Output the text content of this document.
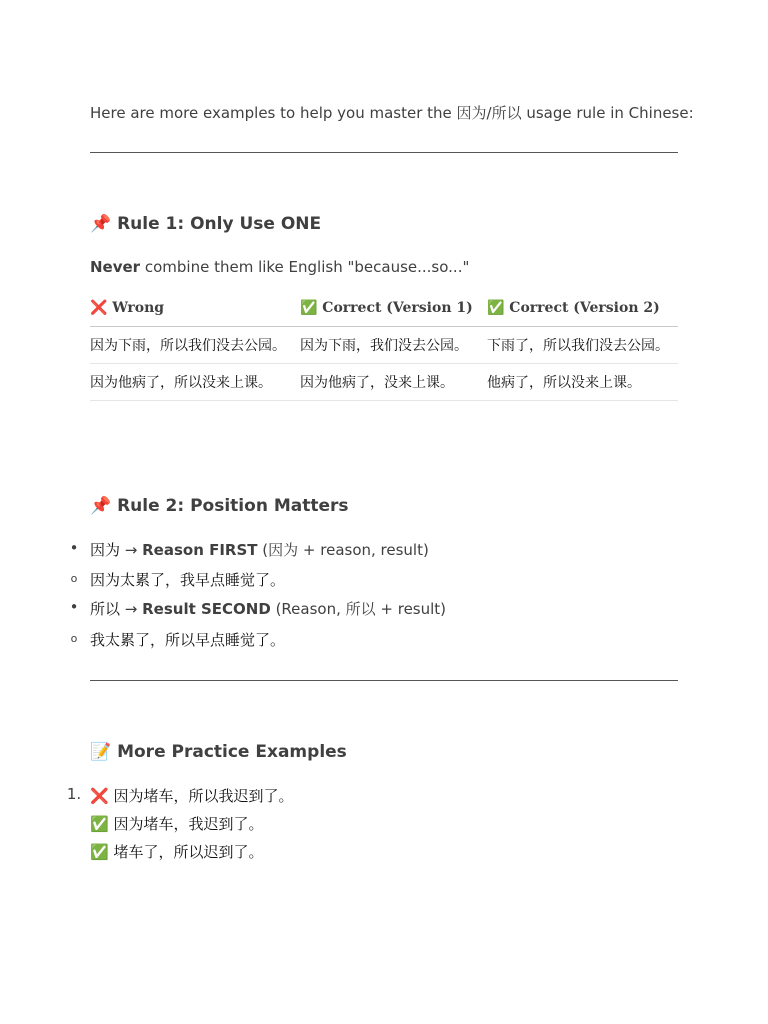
Here are more examples to help you master the 因为/所以 usage rule in Chinese:
📌 Rule 1: Only Use ONE
Never combine them like English "because...so..."
❌ Wrong	✅ Correct (Version 1)	✅ Correct (Version 2)
因为下雨，所以我们没去公园。	因为下雨，我们没去公园。	下雨了，所以我们没去公园。
因为他病了，所以没来上课。	因为他病了，没来上课。	他病了，所以没来上课。
📌 Rule 2: Position Matters
• 因为 → Reason FIRST (因为 + reason, result)
o 因为太累了，我早点睡觉了。
• 所以 → Result SECOND (Reason, 所以 + result)
o 我太累了，所以早点睡觉了。
📝 More Practice Examples
1. ❌ 因为堵车，所以我迟到了。
✅ 因为堵车，我迟到了。
✅ 堵车了，所以迟到了。
